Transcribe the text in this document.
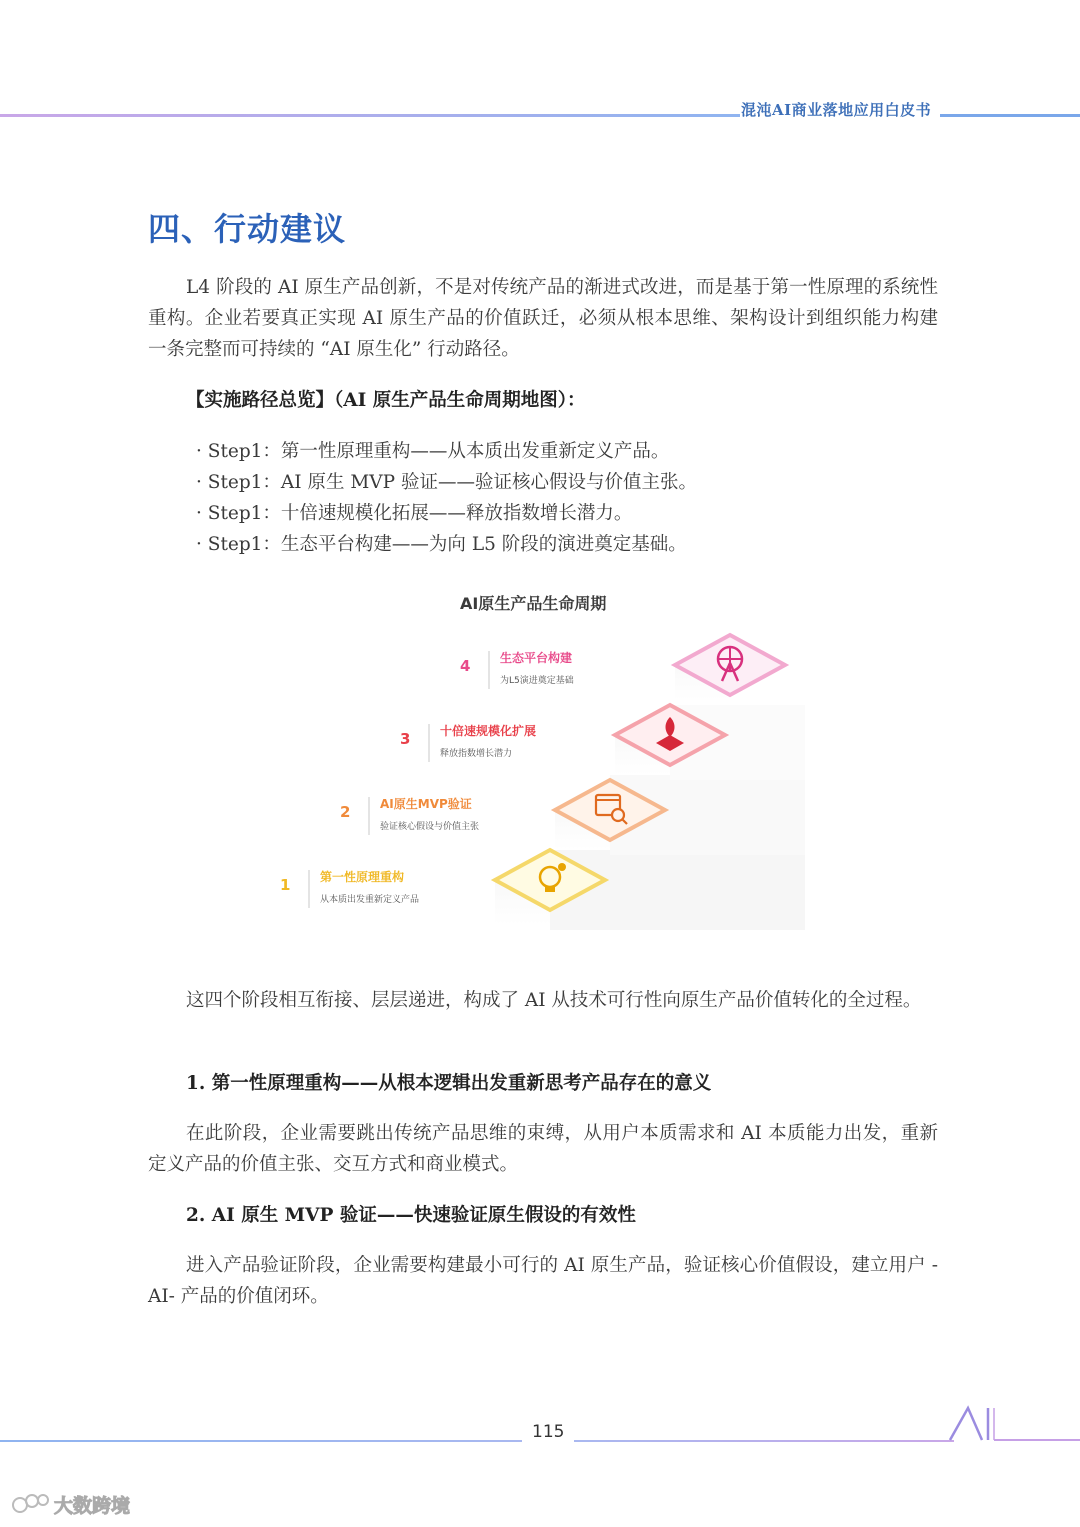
混沌AI商业落地应用白皮书
四、行动建议

L4 阶段的 AI 原生产品创新，不是对传统产品的渐进式改进，而是基于第一性原理的系统性重构。企业若要真正实现 AI 原生产品的价值跃迁，必须从根本思维、架构设计到组织能力构建一条完整而可持续的 “AI 原生化” 行动路径。

【实施路径总览】（AI 原生产品生命周期地图）：

· Step1：第一性原理重构——从本质出发重新定义产品。
· Step1：AI 原生 MVP 验证——验证核心假设与价值主张。
· Step1：十倍速规模化拓展——释放指数增长潜力。
· Step1：生态平台构建——为向 L5 阶段的演进奠定基础。
AI原生产品生命周期
4 生态平台构建
为L5演进奠定基础
3 十倍速规模化扩展
释放指数增长潜力
2 AI原生MVP验证
验证核心假设与价值主张
1 第一性原理重构
从本质出发重新定义产品

这四个阶段相互衔接、层层递进，构成了 AI 从技术可行性向原生产品价值转化的全过程。

1. 第一性原理重构——从根本逻辑出发重新思考产品存在的意义

在此阶段，企业需要跳出传统产品思维的束缚，从用户本质需求和 AI 本质能力出发，重新定义产品的价值主张、交互方式和商业模式。

2. AI 原生 MVP 验证——快速验证原生假设的有效性

进入产品验证阶段，企业需要构建最小可行的 AI 原生产品，验证核心价值假设，建立用户 -AI- 产品的价值闭环。

115
大数跨境
